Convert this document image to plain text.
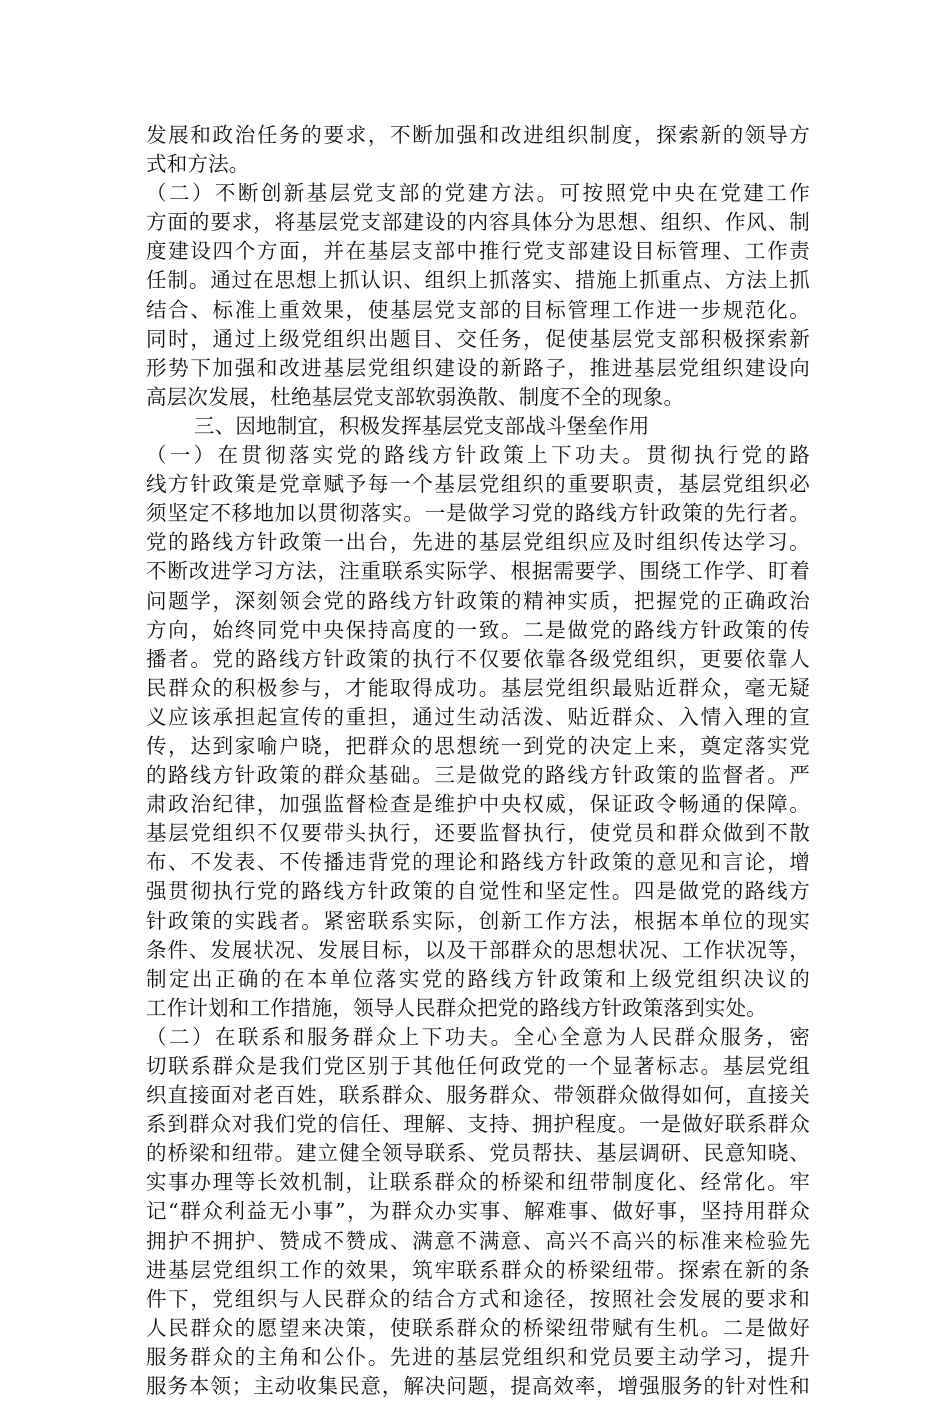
发展和政治任务的要求，不断加强和改进组织制度，探索新的领导方
式和方法。
（二）不断创新基层党支部的党建方法。可按照党中央在党建工作
方面的要求，将基层党支部建设的内容具体分为思想、组织、作风、制
度建设四个方面，并在基层支部中推行党支部建设目标管理、工作责
任制。通过在思想上抓认识、组织上抓落实、措施上抓重点、方法上抓
结合、标准上重效果，使基层党支部的目标管理工作进一步规范化。
同时，通过上级党组织出题目、交任务，促使基层党支部积极探索新
形势下加强和改进基层党组织建设的新路子，推进基层党组织建设向
高层次发展，杜绝基层党支部软弱涣散、制度不全的现象。
三、因地制宜，积极发挥基层党支部战斗堡垒作用
（一）在贯彻落实党的路线方针政策上下功夫。贯彻执行党的路
线方针政策是党章赋予每一个基层党组织的重要职责，基层党组织必
须坚定不移地加以贯彻落实。一是做学习党的路线方针政策的先行者。
党的路线方针政策一出台，先进的基层党组织应及时组织传达学习。
不断改进学习方法，注重联系实际学、根据需要学、围绕工作学、盯着
问题学，深刻领会党的路线方针政策的精神实质，把握党的正确政治
方向，始终同党中央保持高度的一致。二是做党的路线方针政策的传
播者。党的路线方针政策的执行不仅要依靠各级党组织，更要依靠人
民群众的积极参与，才能取得成功。基层党组织最贴近群众，毫无疑
义应该承担起宣传的重担，通过生动活泼、贴近群众、入情入理的宣
传，达到家喻户晓，把群众的思想统一到党的决定上来，奠定落实党
的路线方针政策的群众基础。三是做党的路线方针政策的监督者。严
肃政治纪律，加强监督检查是维护中央权威，保证政令畅通的保障。
基层党组织不仅要带头执行，还要监督执行，使党员和群众做到不散
布、不发表、不传播违背党的理论和路线方针政策的意见和言论，增
强贯彻执行党的路线方针政策的自觉性和坚定性。四是做党的路线方
针政策的实践者。紧密联系实际，创新工作方法，根据本单位的现实
条件、发展状况、发展目标，以及干部群众的思想状况、工作状况等，
制定出正确的在本单位落实党的路线方针政策和上级党组织决议的
工作计划和工作措施，领导人民群众把党的路线方针政策落到实处。
（二）在联系和服务群众上下功夫。全心全意为人民群众服务，密
切联系群众是我们党区别于其他任何政党的一个显著标志。基层党组
织直接面对老百姓，联系群众、服务群众、带领群众做得如何，直接关
系到群众对我们党的信任、理解、支持、拥护程度。一是做好联系群众
的桥梁和纽带。建立健全领导联系、党员帮扶、基层调研、民意知晓、
实事办理等长效机制，让联系群众的桥梁和纽带制度化、经常化。牢
记“群众利益无小事”，为群众办实事、解难事、做好事，坚持用群众
拥护不拥护、赞成不赞成、满意不满意、高兴不高兴的标准来检验先
进基层党组织工作的效果，筑牢联系群众的桥梁纽带。探索在新的条
件下，党组织与人民群众的结合方式和途径，按照社会发展的要求和
人民群众的愿望来决策，使联系群众的桥梁纽带赋有生机。二是做好
服务群众的主角和公仆。先进的基层党组织和党员要主动学习，提升
服务本领；主动收集民意，解决问题，提高效率，增强服务的针对性和
